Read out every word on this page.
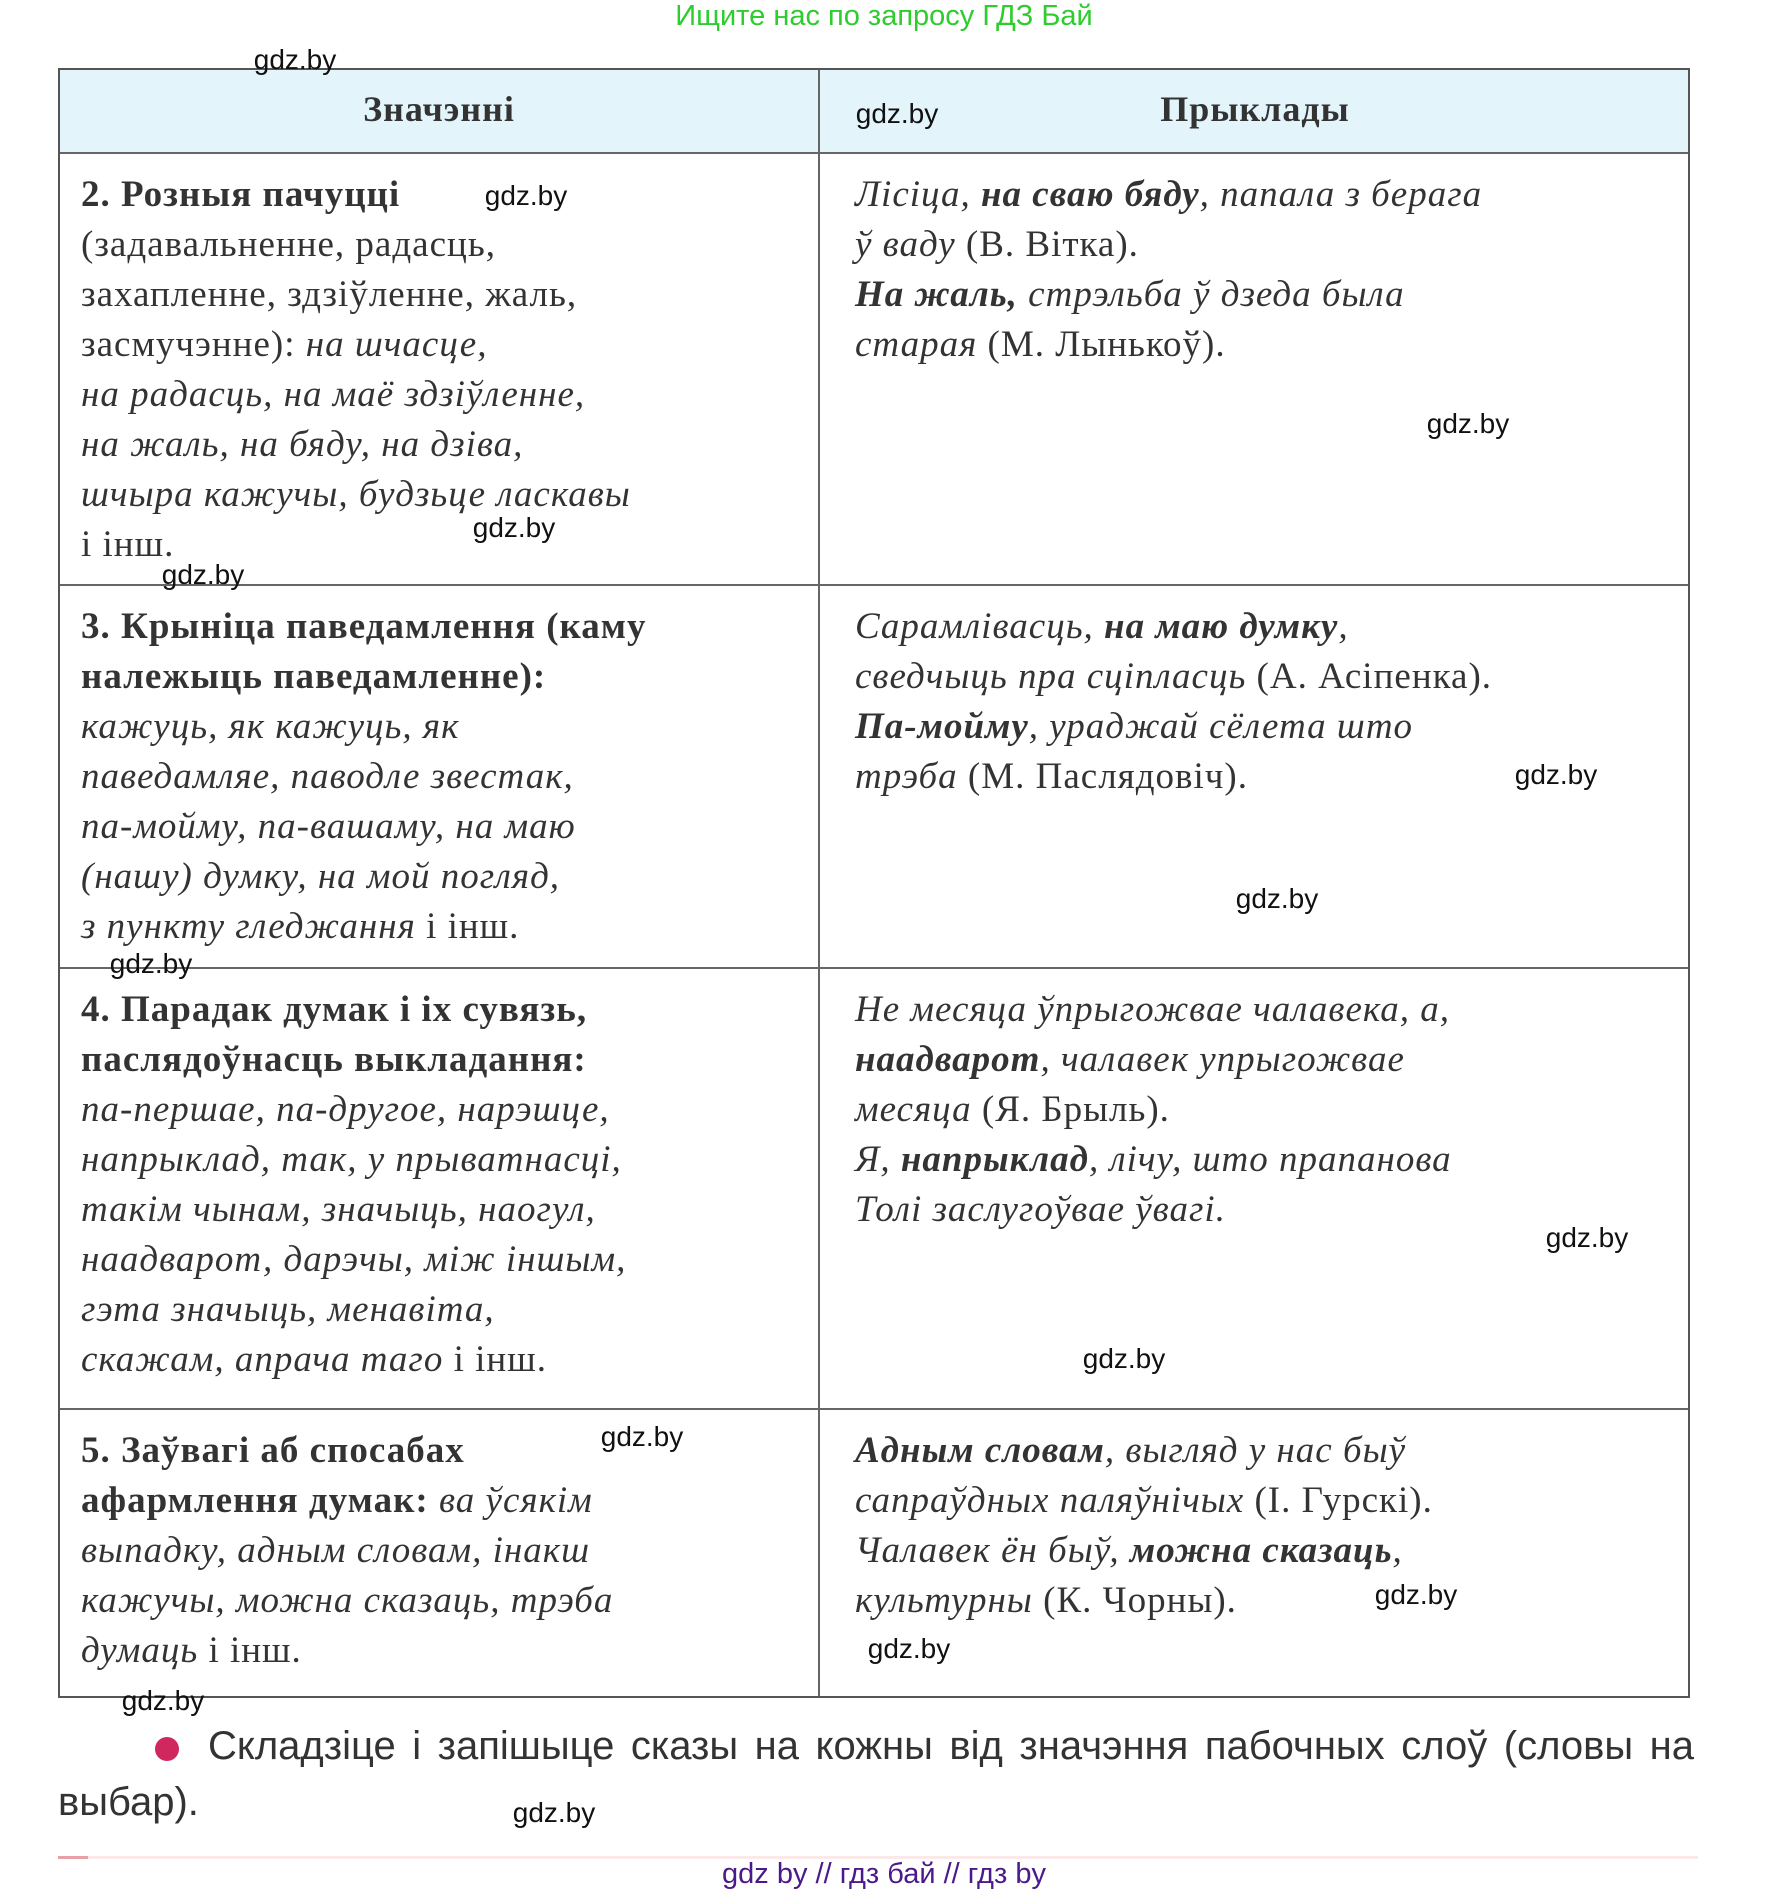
Ищите нас по запросу ГДЗ Бай
Значэнні	Прыклады
2. Розныя пачуцці
(задавальненне, радасць,
захапленне, здзіўленне, жаль,
засмучэнне): на шчасце,
на радасць, на маё здзіўленне,
на жаль, на бяду, на дзіва,
шчыра кажучы, будзьце ласкавы
і інш.
Лісіца, на сваю бяду, папала з берага
ў ваду (В. Вітка).
На жаль, стрэльба ў дзеда была
старая (М. Лынькоў).
3. Крыніца паведамлення (каму
належыць паведамленне):
кажуць, як кажуць, як
паведамляе, паводле звестак,
па-мойму, па-вашаму, на маю
(нашу) думку, на мой погляд,
з пункту гледжання і інш.
Сарамлівасць, на маю думку,
сведчыць пра сціпласць (А. Асіпенка).
Па-мойму, ураджай сёлета што
трэба (М. Паслядовіч).
4. Парадак думак і іх сувязь,
паслядоўнасць выкладання:
па-першае, па-другое, нарэшце,
напрыклад, так, у прыватнасці,
такім чынам, значыць, наогул,
наадварот, дарэчы, між іншым,
гэта значыць, менавіта,
скажам, апрача таго і інш.
Не месяца ўпрыгожвае чалавека, а,
наадварот, чалавек упрыгожвае
месяца (Я. Брыль).
Я, напрыклад, лічу, што прапанова
Толі заслугоўвае ўвагі.
5. Заўвагі аб спосабах
афармлення думак: ва ўсякім
выпадку, адным словам, інакш
кажучы, можна сказаць, трэба
думаць і інш.
Адным словам, выгляд у нас быў
сапраўдных паляўнічых (І. Гурскі).
Чалавек ён быў, можна сказаць,
культурны (К. Чорны).
gdz.by
gdz.by
gdz.by
gdz.by
gdz.by
gdz.by
gdz.by
gdz.by
gdz.by
gdz.by
gdz.by
gdz.by
gdz.by
gdz.by
gdz.by
gdz.by
Складзіце і запішыце сказы на кожны від значэння пабочных слоў (словы на выбар).
gdz by // гдз бай // гдз by
